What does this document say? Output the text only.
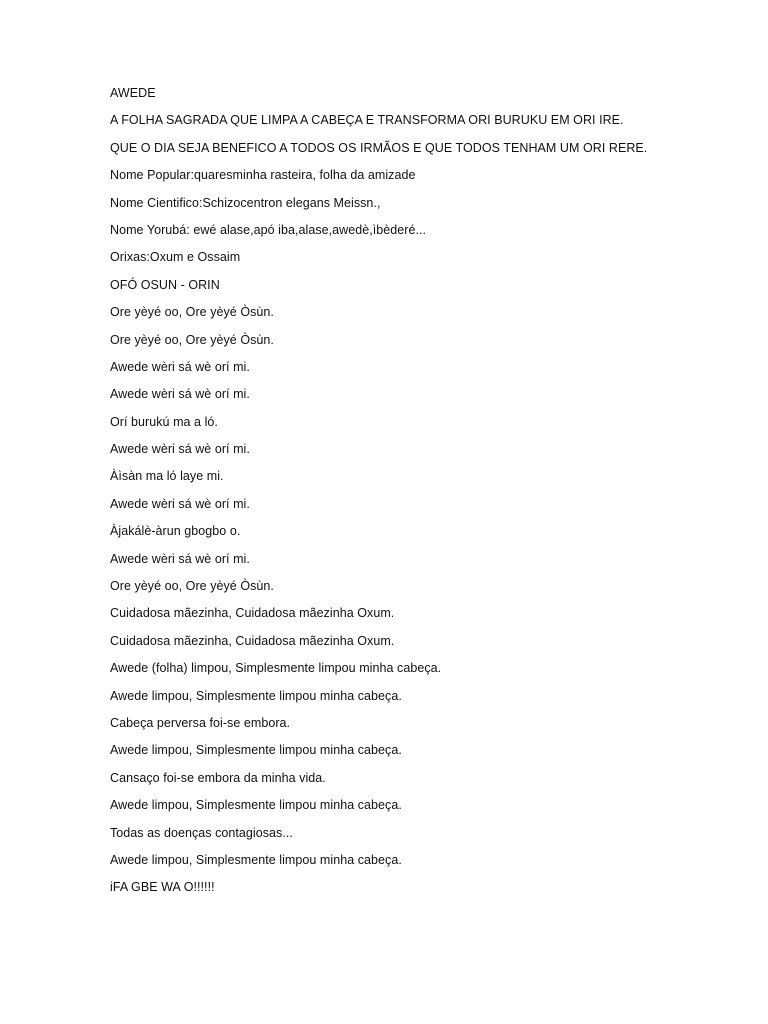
AWEDE
A FOLHA SAGRADA QUE LIMPA A CABEÇA E TRANSFORMA ORI BURUKU EM ORI IRE.
QUE O DIA SEJA BENEFICO A TODOS OS IRMÃOS E QUE TODOS TENHAM UM ORI RERE.
Nome Popular:quaresminha rasteira, folha da amizade
Nome Cientifico:Schizocentron elegans Meissn.,
Nome Yorubá: ewé alase,apó iba,alase,awedè,ìbèderé...
Orixas:Oxum e Ossaim
OFÓ OSUN - ORIN
Ore yèyé oo, Ore yèyé Òsùn.
Ore yèyé oo, Ore yèyé Òsùn.
Awede wèri sá wè orí mi.
Awede wèri sá wè orí mi.
Orí burukú ma a ló.
Awede wèri sá wè orí mi.
Àìsàn ma ló laye mi.
Awede wèri sá wè orí mi.
Àjakálè-àrun gbogbo o.
Awede wèri sá wè orí mi.
Ore yèyé oo, Ore yèyé Òsùn.
Cuidadosa mãezinha, Cuidadosa mãezinha Oxum.
Cuidadosa mãezinha, Cuidadosa mãezinha Oxum.
Awede (folha) limpou, Simplesmente limpou minha cabeça.
Awede limpou, Simplesmente limpou minha cabeça.
Cabeça perversa foi-se embora.
Awede limpou, Simplesmente limpou minha cabeça.
Cansaço foi-se embora da minha vida.
Awede limpou, Simplesmente limpou minha cabeça.
Todas as doenças contagiosas...
Awede limpou, Simplesmente limpou minha cabeça.
iFA GBE WA O!!!!!!
